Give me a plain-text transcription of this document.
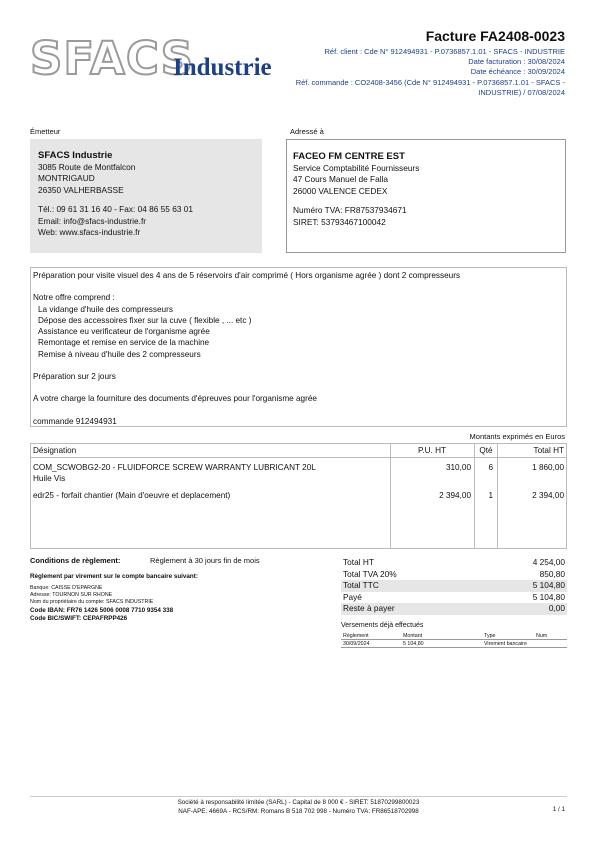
SFACS
Industrie
Facture FA2408-0023
Réf. client : Cde N° 912494931 - P.0736857.1.01 - SFACS - INDUSTRIE
Date facturation : 30/08/2024
Date échéance : 30/09/2024
Réf. commande : CO2408-3456 (Cde N° 912494931 - P.0736857.1.01 - SFACS - INDUSTRIE) / 07/08/2024
Émetteur	Adressé à
SFACS Industrie
3085 Route de Montfalcon
MONTRIGAUD
26350 VALHERBASSE
Tél.: 09 61 31 16 40 - Fax: 04 86 55 63 01
Email: info@sfacs-industrie.fr
Web: www.sfacs-industrie.fr
FACEO FM CENTRE EST
Service Comptabilité Fournisseurs
47 Cours Manuel de Falla
26000 VALENCE CEDEX
Numéro TVA: FR87537934671
SIRET: 53793467100042
Préparation pour visite visuel des 4 ans de 5 réservoirs d'air comprimé ( Hors organisme agrée ) dont 2 compresseurs
Notre offre comprend :
La vidange d'huile des compresseurs
Dépose des accessoires fixer sur la cuve ( flexible , ... etc )
Assistance eu verificateur de l'organisme agrée
Remontage et remise en service de la machine
Remise à niveau d'huile des 2 compresseurs
Préparation sur 2 jours
A votre charge la fourniture des documents d'épreuves pour l'organisme agrée
commande 912494931
Montants exprimés en Euros
Désignation	P.U. HT	Qté	Total HT
COM_SCWOBG2-20 - FLUIDFORCE SCREW WARRANTY LUBRICANT 20L
Huile Vis
310,00	6	1 860,00
edr25 - forfait chantier (Main d'oeuvre et deplacement)	2 394,00	1	2 394,00
Conditions de règlement:	Règlement à 30 jours fin de mois
Règlement par virement sur le compte bancaire suivant:
Banque: CAISSE D'EPARGNE
Adresse: TOURNON SUR RHONE
Nom du propriétaire du compte: SFACS INDUSTRIE
Code IBAN: FR76 1426 5006 0008 7710 9354 338
Code BIC/SWIFT: CEPAFRPP426
Total HT	4 254,00
Total TVA 20%	850,80
Total TTC	5 104,80
Payé	5 104,80
Reste à payer	0,00
Versements déjà effectués
Règlement	Montant	Type	Num
30/09/2024	5 104,80	Virement bancaire
Société à responsabilité limitée (SARL) - Capital de 8 000 € - SIRET: 51870299800023
NAF-APE: 4669A - RCS/RM: Romans B 518 702 998 - Numéro TVA: FR86518702998	1 / 1
